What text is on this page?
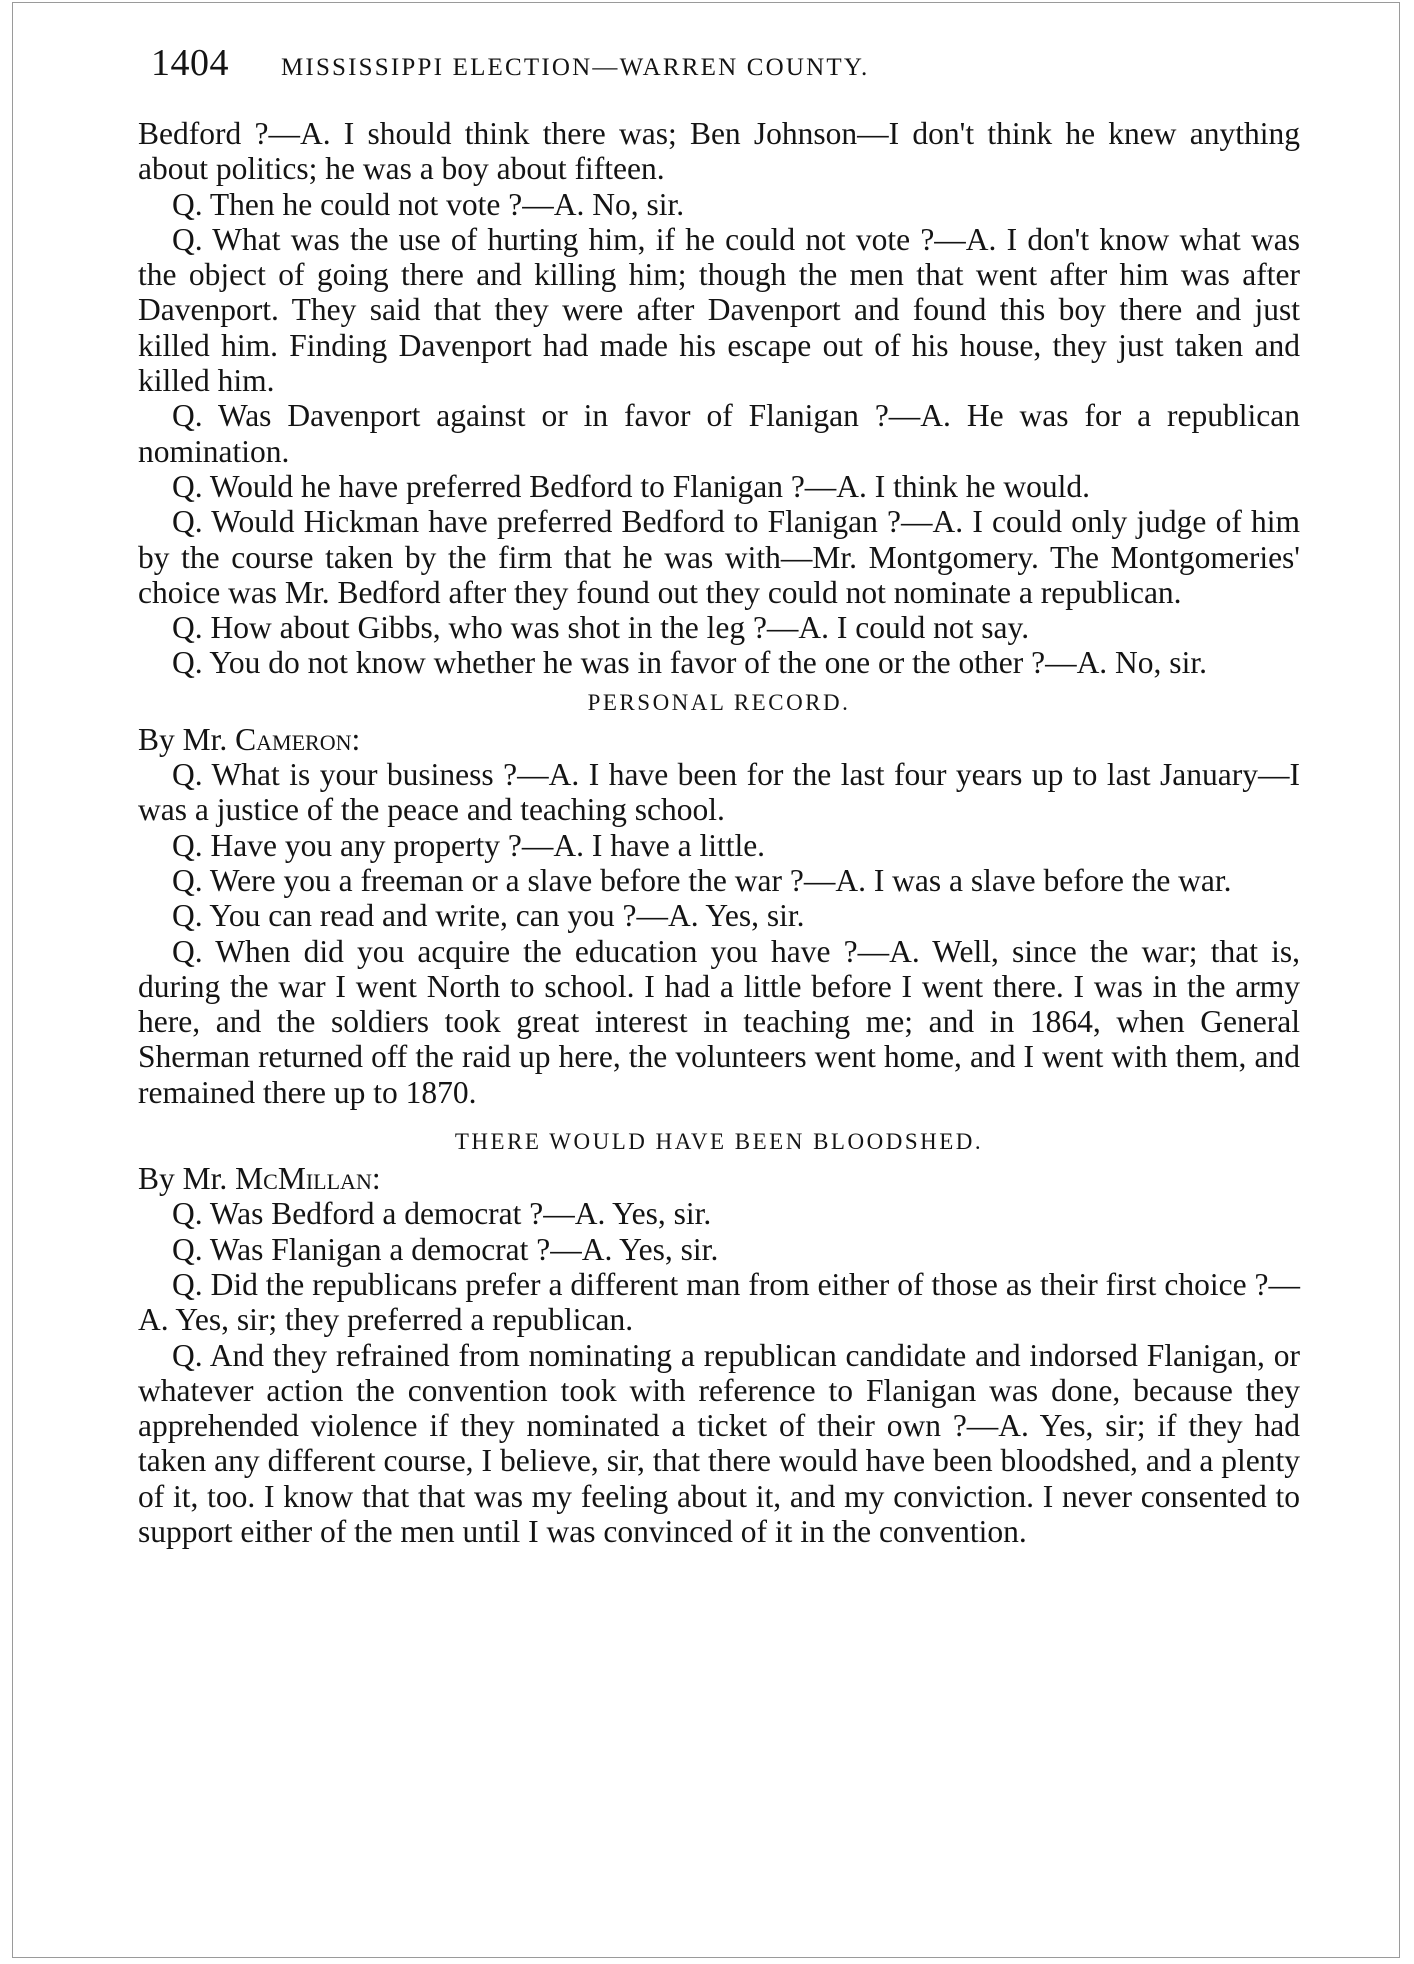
1404 MISSISSIPPI ELECTION—WARREN COUNTY.

Bedford ?—A. I should think there was; Ben Johnson—I don't think he knew anything about politics; he was a boy about fifteen.

Q. Then he could not vote ?—A. No, sir.

Q. What was the use of hurting him, if he could not vote ?—A. I don't know what was the object of going there and killing him; though the men that went after him was after Davenport. They said that they were after Davenport and found this boy there and just killed him. Finding Davenport had made his escape out of his house, they just taken and killed him.

Q. Was Davenport against or in favor of Flanigan ?—A. He was for a republican nomination.

Q. Would he have preferred Bedford to Flanigan ?—A. I think he would.

Q. Would Hickman have preferred Bedford to Flanigan ?—A. I could only judge of him by the course taken by the firm that he was with—Mr. Montgomery. The Montgomeries' choice was Mr. Bedford after they found out they could not nominate a republican.

Q. How about Gibbs, who was shot in the leg ?—A. I could not say.

Q. You do not know whether he was in favor of the one or the other ?—A. No, sir.

PERSONAL RECORD.

By Mr. Cameron:

Q. What is your business ?—A. I have been for the last four years up to last January—I was a justice of the peace and teaching school.

Q. Have you any property ?—A. I have a little.

Q. Were you a freeman or a slave before the war ?—A. I was a slave before the war.

Q. You can read and write, can you ?—A. Yes, sir.

Q. When did you acquire the education you have ?—A. Well, since the war; that is, during the war I went North to school. I had a little before I went there. I was in the army here, and the soldiers took great interest in teaching me; and in 1864, when General Sherman returned off the raid up here, the volunteers went home, and I went with them, and remained there up to 1870.

THERE WOULD HAVE BEEN BLOODSHED.

By Mr. McMillan:

Q. Was Bedford a democrat ?—A. Yes, sir.

Q. Was Flanigan a democrat ?—A. Yes, sir.

Q. Did the republicans prefer a different man from either of those as their first choice ?—A. Yes, sir; they preferred a republican.

Q. And they refrained from nominating a republican candidate and indorsed Flanigan, or whatever action the convention took with reference to Flanigan was done, because they apprehended violence if they nominated a ticket of their own ?—A. Yes, sir; if they had taken any different course, I believe, sir, that there would have been bloodshed, and a plenty of it, too. I know that that was my feeling about it, and my conviction. I never consented to support either of the men until I was convinced of it in the convention.
